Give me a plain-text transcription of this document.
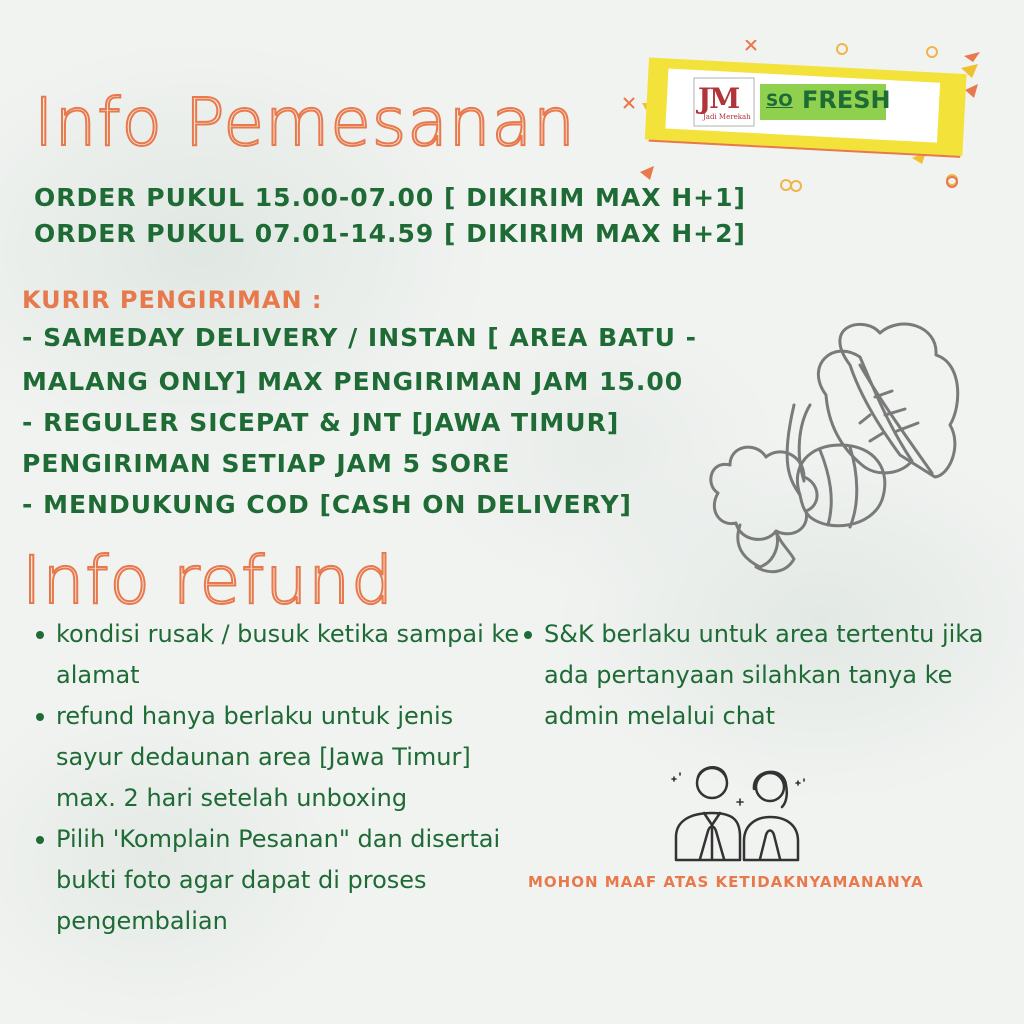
JM
Jadi Merekah
SO FRESH
Info Pemesanan

ORDER PUKUL 15.00-07.00 [ DIKIRIM MAX H+1]

ORDER PUKUL 07.01-14.59 [ DIKIRIM MAX H+2]

KURIR PENGIRIMAN :

- SAMEDAY DELIVERY / INSTAN [ AREA BATU -

MALANG ONLY] MAX PENGIRIMAN JAM 15.00

- REGULER SICEPAT & JNT [JAWA TIMUR]

PENGIRIMAN SETIAP JAM 5 SORE

- MENDUKUNG COD [CASH ON DELIVERY]

Info refund
kondisi rusak / busuk ketika sampai ke alamat
refund hanya berlaku untuk jenis sayur dedaunan area [Jawa Timur] max. 2 hari setelah unboxing
Pilih 'Komplain Pesanan" dan disertai bukti foto agar dapat di proses pengembalian
S&K berlaku untuk area tertentu jika ada pertanyaan silahkan tanya ke admin melalui chat

MOHON MAAF ATAS KETIDAKNYAMANANYA
